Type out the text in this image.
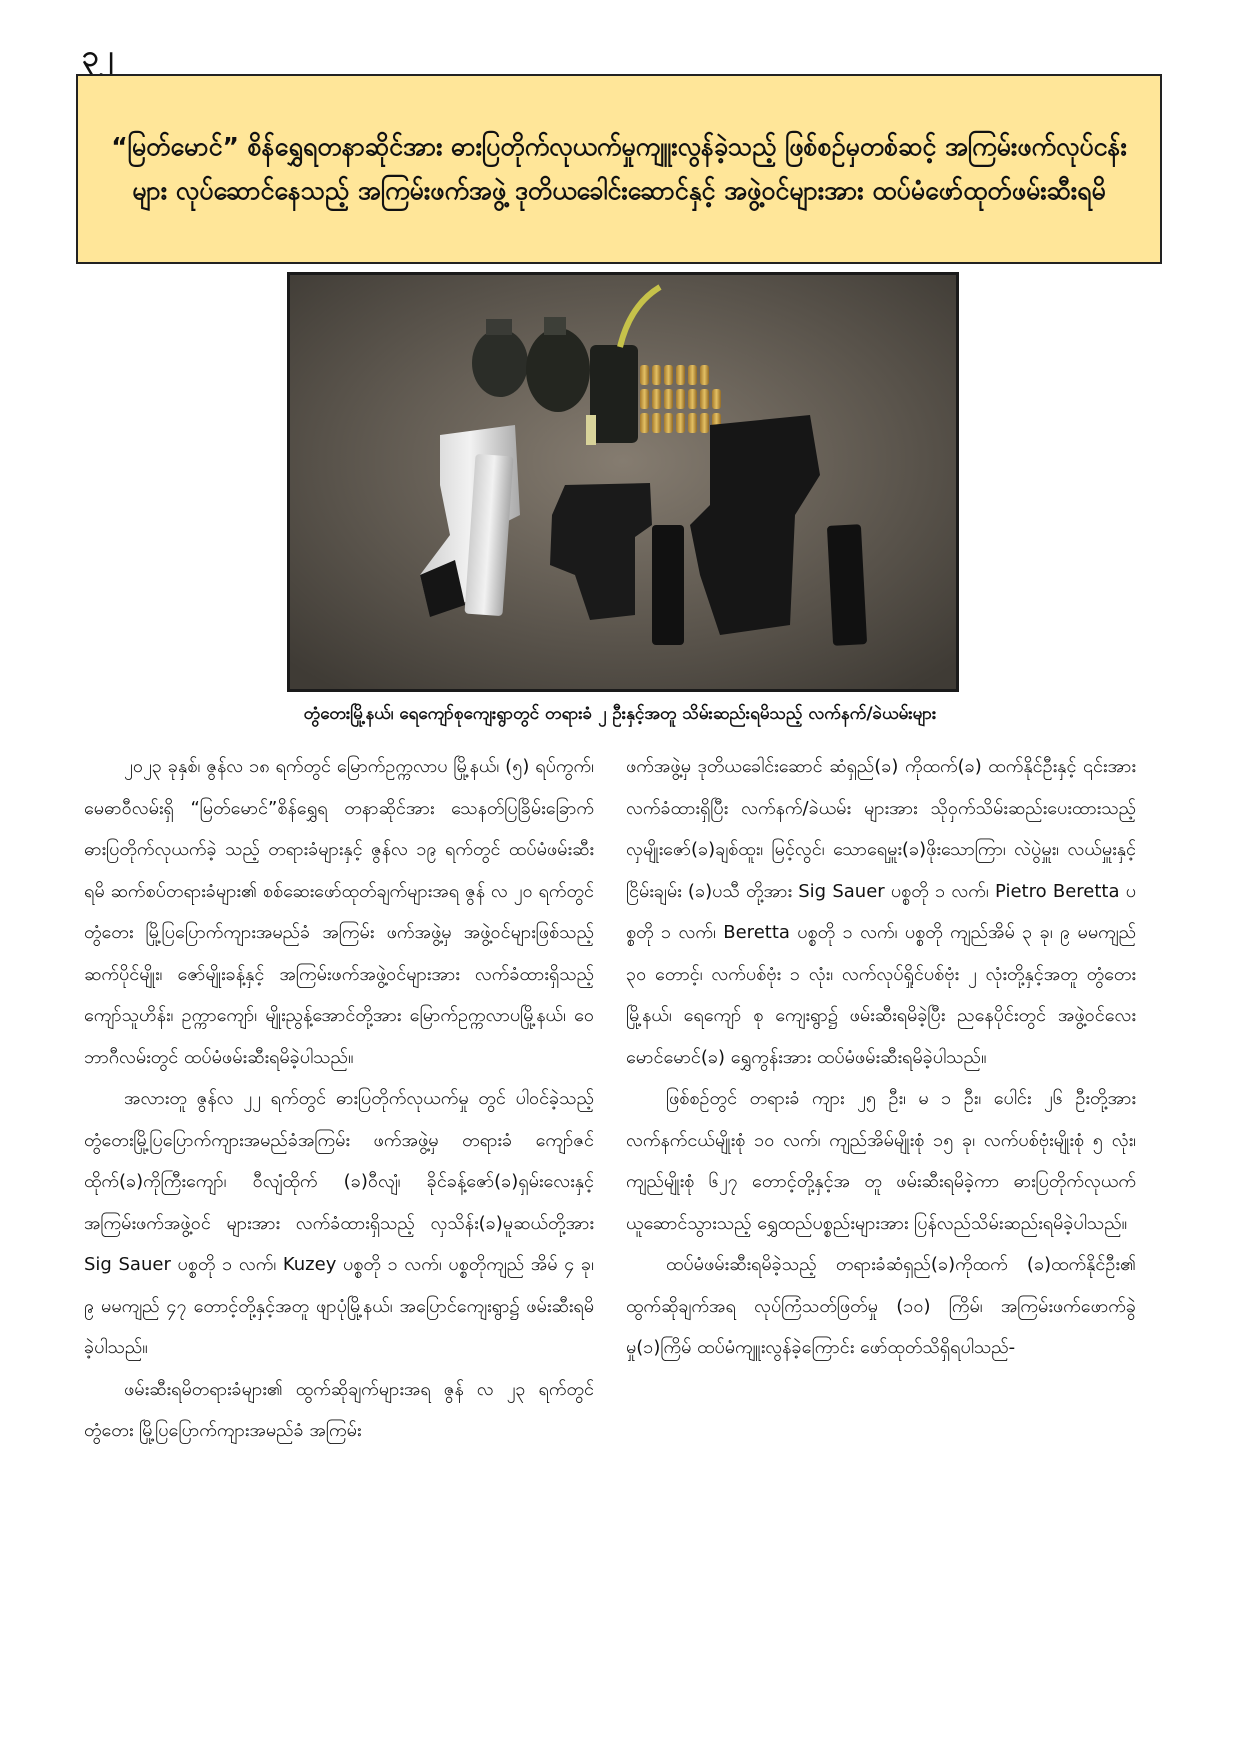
၃၂
“မြတ်မောင်” စိန်ရွှေရတနာဆိုင်အား ဓားပြတိုက်လုယက်မှုကျူးလွန်ခဲ့သည့် ဖြစ်စဉ်မှတစ်ဆင့် အကြမ်းဖက်လုပ်ငန်းများ လုပ်ဆောင်နေသည့် အကြမ်းဖက်အဖွဲ့ ဒုတိယခေါင်းဆောင်နှင့် အဖွဲ့ဝင်များအား ထပ်မံဖော်ထုတ်ဖမ်းဆီးရမိ
တွံတေးမြို့နယ်၊ ရေကျော်စုကျေးရွာတွင် တရားခံ ၂ ဦးနှင့်အတူ သိမ်းဆည်းရမိသည့် လက်နက်/ခဲယမ်းများ

၂၀၂၃ ခုနှစ်၊ ဇွန်လ ၁၈ ရက်တွင် မြောက်ဥက္ကလာပ မြို့နယ်၊ (၅) ရပ်ကွက်၊ မေဓာဝီလမ်းရှိ “မြတ်မောင်”စိန်ရွှေရ တနာဆိုင်အား သေနတ်ပြခြိမ်းခြောက် ဓားပြတိုက်လုယက်ခဲ့ သည့် တရားခံများနှင့် ဇွန်လ ၁၉ ရက်တွင် ထပ်မံဖမ်းဆီးရမိ ဆက်စပ်တရားခံများ၏ စစ်ဆေးဖော်ထုတ်ချက်များအရ ဇွန် လ ၂၀ ရက်တွင် တွံတေး မြို့ပြပြောက်ကျားအမည်ခံ အကြမ်း ဖက်အဖွဲ့မှ အဖွဲ့ဝင်များဖြစ်သည့် ဆက်ပိုင်မျိုး၊ ဇော်မျိုးခန့်နှင့် အကြမ်းဖက်အဖွဲ့ဝင်များအား လက်ခံထားရှိသည့် ကျော်သူဟိန်း၊ ဥက္ကာကျော်၊ မျိုးညွန့်အောင်တို့အား မြောက်ဥက္ကလာပမြို့နယ်၊ ဝေဘာဂီလမ်းတွင် ထပ်မံဖမ်းဆီးရမိခဲ့ပါသည်။

အလားတူ ဇွန်လ ၂၂ ရက်တွင် ဓားပြတိုက်လုယက်မှု တွင် ပါဝင်ခဲ့သည့် တွံတေးမြို့ပြပြောက်ကျားအမည်ခံအကြမ်း ဖက်အဖွဲ့မှ တရားခံ ကျော်ဇင်ထိုက်(ခ)ကိုကြီးကျော်၊ ဝီလျံထိုက် (ခ)ဝီလျံ၊ ခိုင်ခန့်ဇော်(ခ)ရှမ်းလေးနှင့် အကြမ်းဖက်အဖွဲ့ဝင် များအား လက်ခံထားရှိသည့် လှသိန်း(ခ)မူဆယ်တို့အား Sig Sauer ပစ္စတို ၁ လက်၊ Kuzey ပစ္စတို ၁ လက်၊ ပစ္စတိုကျည် အိမ် ၄ ခု၊ ၉ မမကျည် ၄၇ တောင့်တို့နှင့်အတူ ဖျာပုံမြို့နယ်၊ အပြောင်ကျေးရွာ၌ ဖမ်းဆီးရမိခဲ့ပါသည်။

ဖမ်းဆီးရမိတရားခံများ၏ ထွက်ဆိုချက်များအရ ဇွန် လ ၂၃ ရက်တွင် တွံတေး မြို့ပြပြောက်ကျားအမည်ခံ အကြမ်း

ဖက်အဖွဲ့မှ ဒုတိယခေါင်းဆောင် ဆံရှည်(ခ) ကိုထက်(ခ) ထက်နိုင်ဦးနှင့် ၎င်းအားလက်ခံထားရှိပြီး လက်နက်/ခဲယမ်း များအား သိုဝှက်သိမ်းဆည်းပေးထားသည့် လှမျိုးဇော်(ခ)ချစ်ထူး၊ မြင့်လွင်၊ သောရေမှူး(ခ)ဖိုးသောကြာ၊ လဲပွဲမှူး၊ လယ်မှူးနှင့် ငြိမ်းချမ်း (ခ)ပသီ တို့အား Sig Sauer ပစ္စတို ၁ လက်၊ Pietro Beretta ပစ္စတို ၁ လက်၊ Beretta ပစ္စတို ၁ လက်၊ ပစ္စတို ကျည်အိမ် ၃ ခု၊ ၉ မမကျည် ၃၀ တောင့်၊ လက်ပစ်ဗုံး ၁ လုံး၊ လက်လုပ်ရှိုင်ပစ်ဗုံး ၂ လုံးတို့နှင့်အတူ တွံတေးမြို့နယ်၊ ရေကျော် စု ကျေးရွာ၌ ဖမ်းဆီးရမိခဲ့ပြီး ညနေပိုင်းတွင် အဖွဲ့ဝင်လေး မောင်မောင်(ခ) ရွှေကွန်းအား ထပ်မံဖမ်းဆီးရမိခဲ့ပါသည်။

ဖြစ်စဉ်တွင် တရားခံ ကျား ၂၅ ဦး၊ မ ၁ ဦး၊ ပေါင်း ၂၆ ဦးတို့အား လက်နက်ငယ်မျိုးစုံ ၁၀ လက်၊ ကျည်အိမ်မျိုးစုံ ၁၅ ခု၊ လက်ပစ်ဗုံးမျိုးစုံ ၅ လုံး၊ ကျည်မျိုးစုံ ၆၂၇ တောင့်တို့နှင့်အ တူ ဖမ်းဆီးရမိခဲ့ကာ ဓားပြတိုက်လုယက်ယူဆောင်သွားသည့် ရွှေထည်ပစ္စည်းများအား ပြန်လည်သိမ်းဆည်းရမိခဲ့ပါသည်။

ထပ်မံဖမ်းဆီးရမိခဲ့သည့် တရားခံဆံရှည်(ခ)ကိုထက် (ခ)ထက်နိုင်ဦး၏ ထွက်ဆိုချက်အရ လုပ်ကြံသတ်ဖြတ်မှု (၁၀) ကြိမ်၊ အကြမ်းဖက်ဖောက်ခွဲမှု(၁)ကြိမ် ထပ်မံကျူးလွန်ခဲ့ကြောင်း ဖော်ထုတ်သိရှိရပါသည်-
